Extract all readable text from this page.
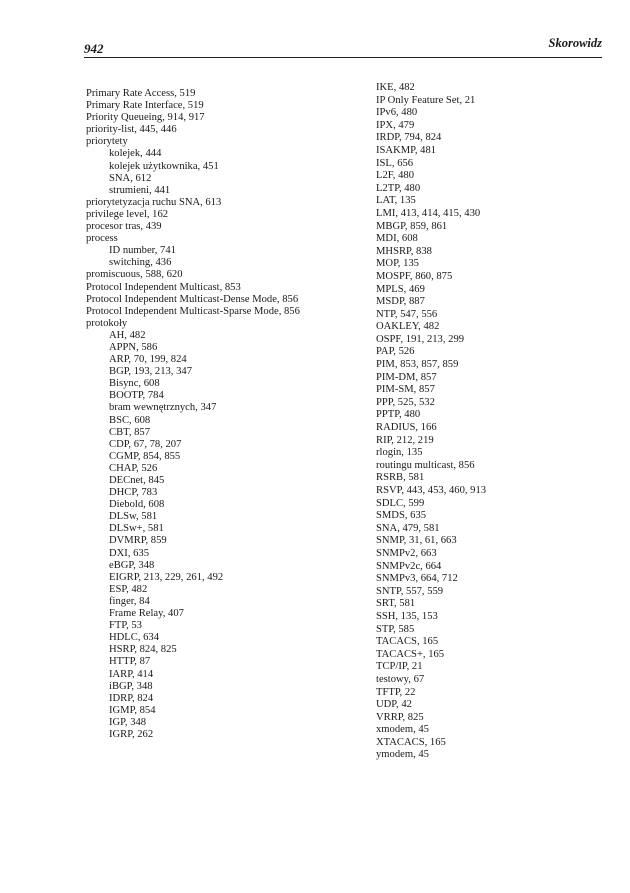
942	Skorowidz
Primary Rate Access, 519
Primary Rate Interface, 519
Priority Queueing, 914, 917
priority-list, 445, 446
priorytety
kolejek, 444
kolejek użytkownika, 451
SNA, 612
strumieni, 441
priorytetyzacja ruchu SNA, 613
privilege level, 162
procesor tras, 439
process
ID number, 741
switching, 436
promiscuous, 588, 620
Protocol Independent Multicast, 853
Protocol Independent Multicast-Dense Mode, 856
Protocol Independent Multicast-Sparse Mode, 856
protokoły
AH, 482
APPN, 586
ARP, 70, 199, 824
BGP, 193, 213, 347
Bisync, 608
BOOTP, 784
bram wewnętrznych, 347
BSC, 608
CBT, 857
CDP, 67, 78, 207
CGMP, 854, 855
CHAP, 526
DECnet, 845
DHCP, 783
Diebold, 608
DLSw, 581
DLSw+, 581
DVMRP, 859
DXI, 635
eBGP, 348
EIGRP, 213, 229, 261, 492
ESP, 482
finger, 84
Frame Relay, 407
FTP, 53
HDLC, 634
HSRP, 824, 825
HTTP, 87
IARP, 414
iBGP, 348
IDRP, 824
IGMP, 854
IGP, 348
IGRP, 262
IKE, 482
IP Only Feature Set, 21
IPv6, 480
IPX, 479
IRDP, 794, 824
ISAKMP, 481
ISL, 656
L2F, 480
L2TP, 480
LAT, 135
LMI, 413, 414, 415, 430
MBGP, 859, 861
MDI, 608
MHSRP, 838
MOP, 135
MOSPF, 860, 875
MPLS, 469
MSDP, 887
NTP, 547, 556
OAKLEY, 482
OSPF, 191, 213, 299
PAP, 526
PIM, 853, 857, 859
PIM-DM, 857
PIM-SM, 857
PPP, 525, 532
PPTP, 480
RADIUS, 166
RIP, 212, 219
rlogin, 135
routingu multicast, 856
RSRB, 581
RSVP, 443, 453, 460, 913
SDLC, 599
SMDS, 635
SNA, 479, 581
SNMP, 31, 61, 663
SNMPv2, 663
SNMPv2c, 664
SNMPv3, 664, 712
SNTP, 557, 559
SRT, 581
SSH, 135, 153
STP, 585
TACACS, 165
TACACS+, 165
TCP/IP, 21
testowy, 67
TFTP, 22
UDP, 42
VRRP, 825
xmodem, 45
XTACACS, 165
ymodem, 45
